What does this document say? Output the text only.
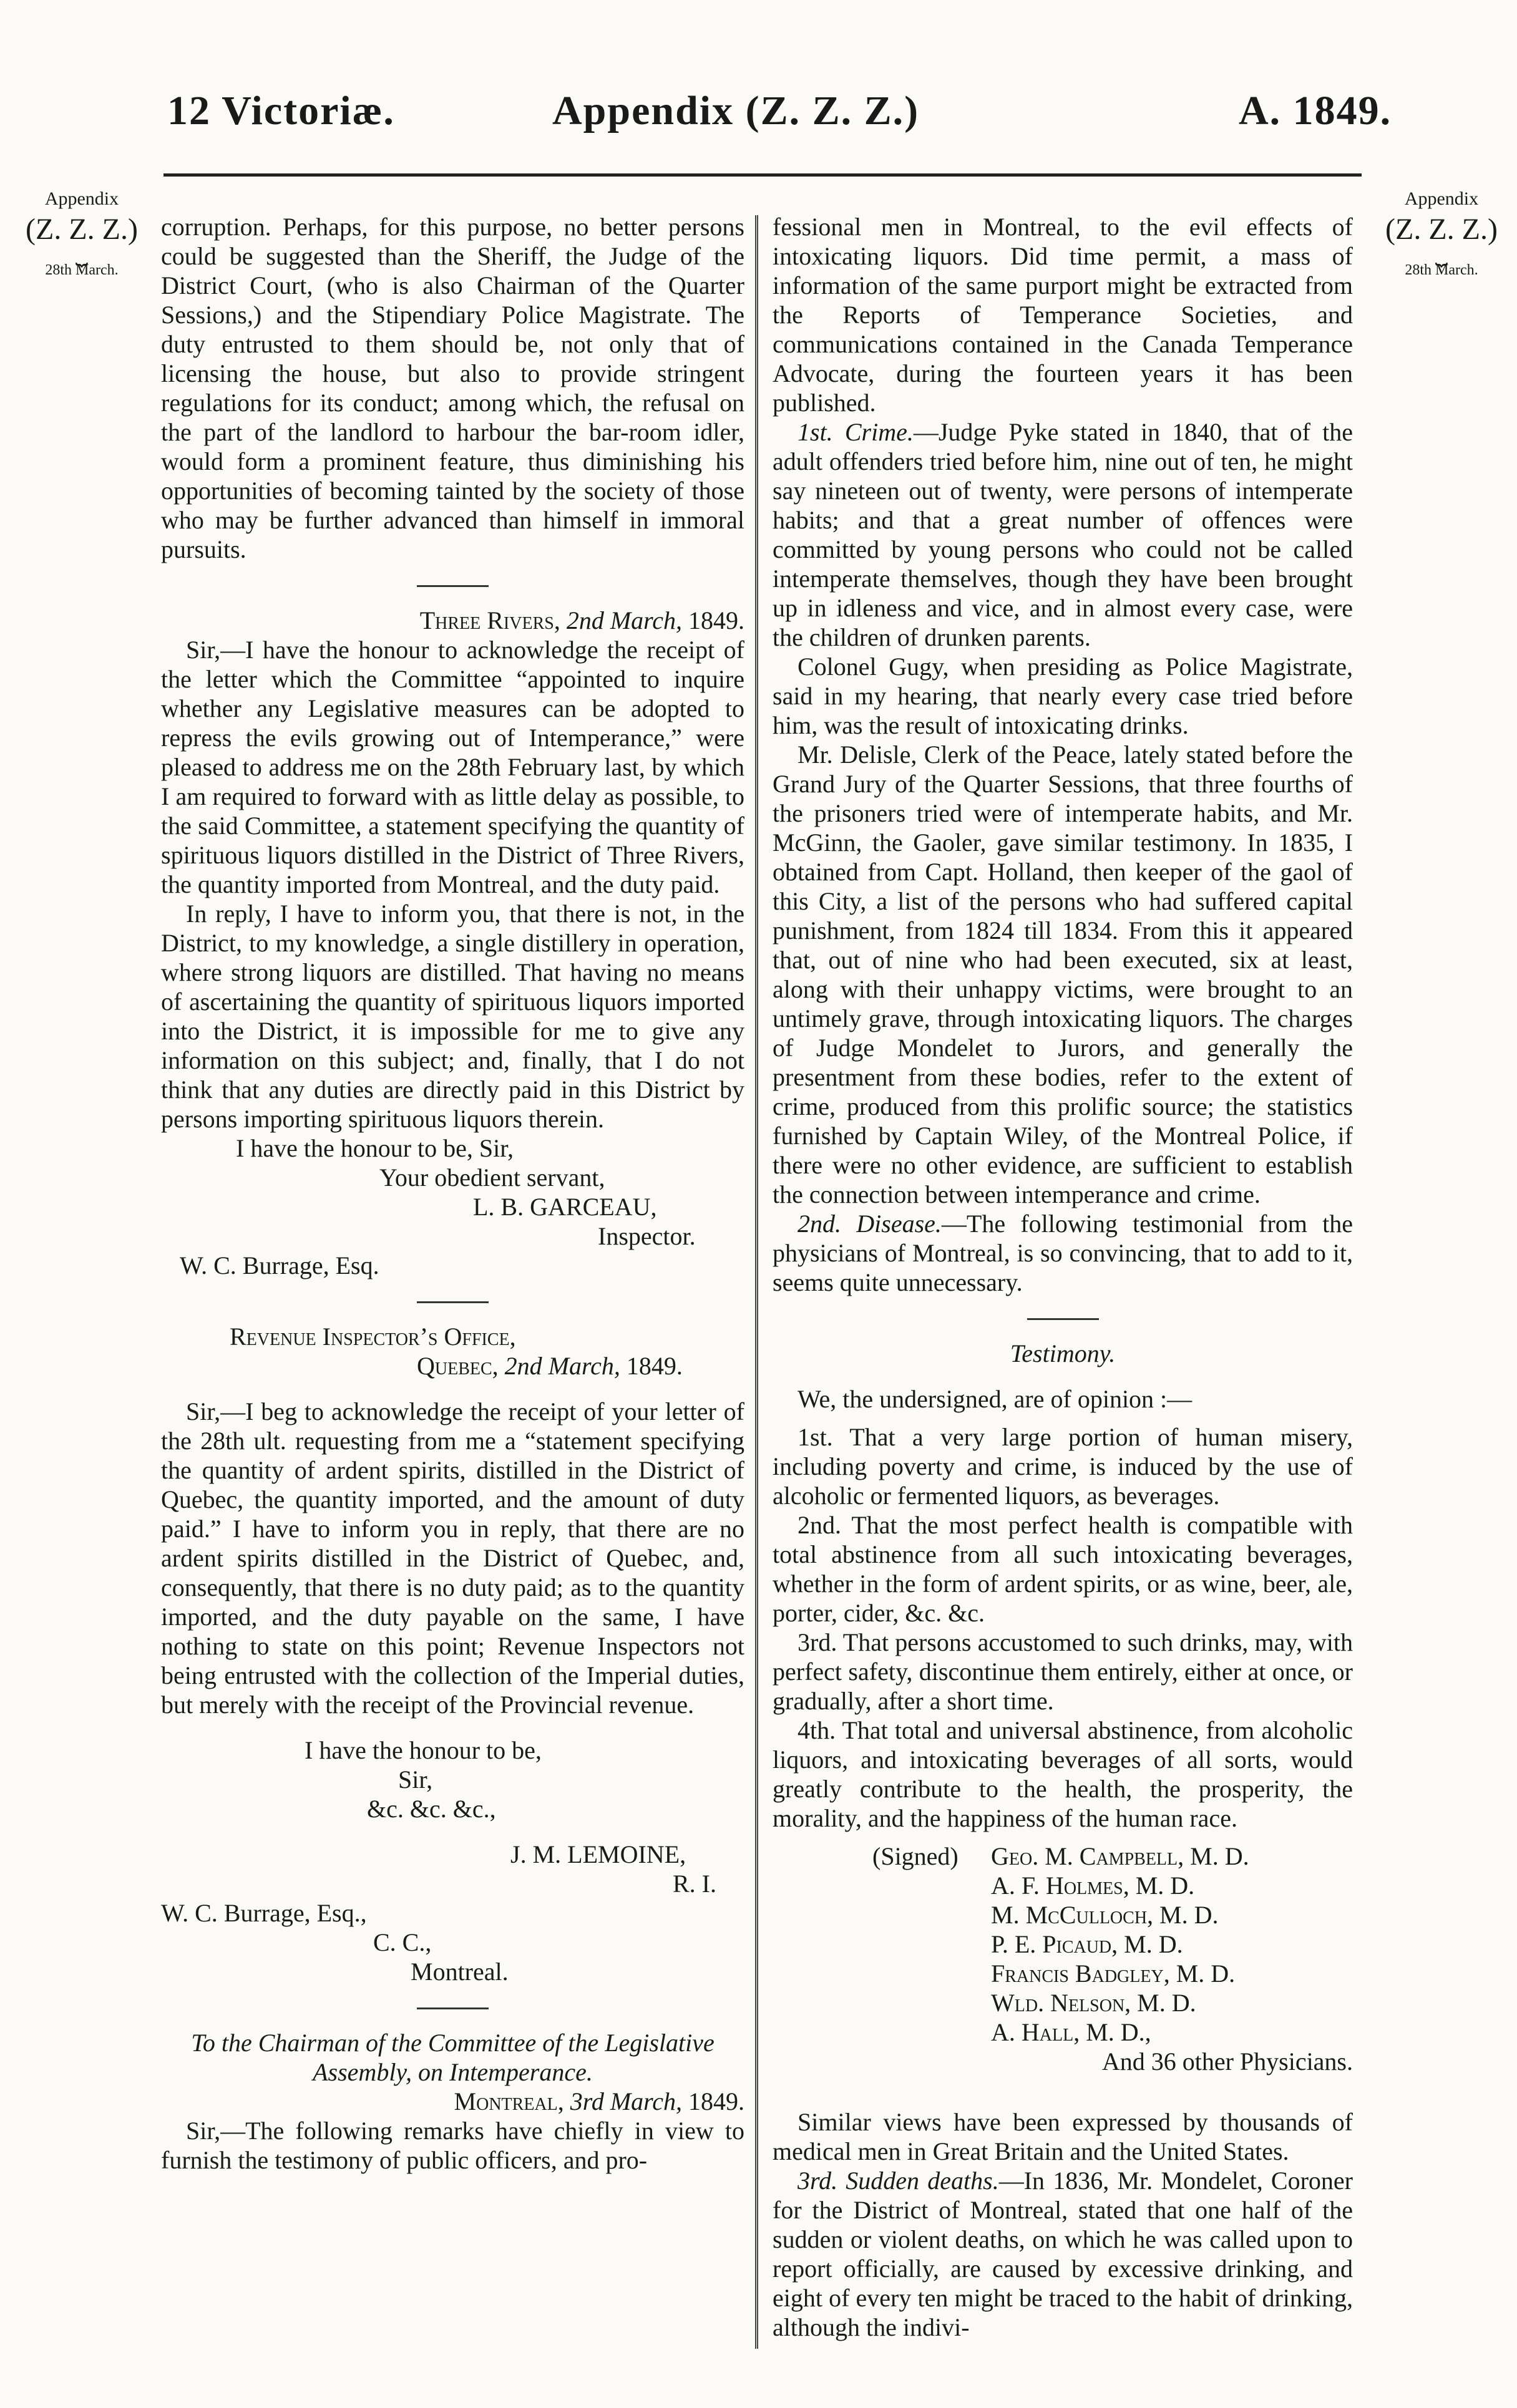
12 Victoriæ.	Appendix (Z. Z. Z.)	A. 1849.
Appendix
(Z. Z. Z.)
⏟
28th March.
Appendix
(Z. Z. Z.)
⏟
28th March.

corruption. Perhaps, for this purpose, no better persons could be suggested than the Sheriff, the Judge of the District Court, (who is also Chairman of the Quarter Sessions,) and the Stipendiary Police Magistrate. The duty entrusted to them should be, not only that of licensing the house, but also to provide stringent regulations for its conduct; among which, the refusal on the part of the landlord to harbour the bar-room idler, would form a prominent feature, thus diminishing his opportunities of becoming tainted by the society of those who may be further advanced than himself in immoral pursuits.

Three Rivers, 2nd March, 1849.

Sir,—I have the honour to acknowledge the receipt of the letter which the Committee “appointed to inquire whether any Legislative measures can be adopted to repress the evils growing out of Intemperance,” were pleased to address me on the 28th February last, by which I am required to forward with as little delay as possible, to the said Committee, a statement specifying the quantity of spirituous liquors distilled in the District of Three Rivers, the quantity imported from Montreal, and the duty paid.

In reply, I have to inform you, that there is not, in the District, to my knowledge, a single distillery in operation, where strong liquors are distilled. That having no means of ascertaining the quantity of spirituous liquors imported into the District, it is impossible for me to give any information on this subject; and, finally, that I do not think that any duties are directly paid in this District by persons importing spirituous liquors therein.

I have the honour to be, Sir,

Your obedient servant,

L. B. GARCEAU,

Inspector.

W. C. Burrage, Esq.

Revenue Inspector’s Office,

Quebec, 2nd March, 1849.

Sir,—I beg to acknowledge the receipt of your letter of the 28th ult. requesting from me a “statement specifying the quantity of ardent spirits, distilled in the District of Quebec, the quantity imported, and the amount of duty paid.” I have to inform you in reply, that there are no ardent spirits distilled in the District of Quebec, and, consequently, that there is no duty paid; as to the quantity imported, and the duty payable on the same, I have nothing to state on this point; Revenue Inspectors not being entrusted with the collection of the Imperial duties, but merely with the receipt of the Provincial revenue.

I have the honour to be,

Sir,

&c. &c. &c.,

J. M. LEMOINE,

R. I.

W. C. Burrage, Esq.,

C. C.,

Montreal.

To the Chairman of the Committee of the Legislative Assembly, on Intemperance.

Montreal, 3rd March, 1849.

Sir,—The following remarks have chiefly in view to furnish the testimony of public officers, and pro-

fessional men in Montreal, to the evil effects of intoxicating liquors. Did time permit, a mass of information of the same purport might be extracted from the Reports of Temperance Societies, and communications contained in the Canada Temperance Advocate, during the fourteen years it has been published.

1st. Crime.—Judge Pyke stated in 1840, that of the adult offenders tried before him, nine out of ten, he might say nineteen out of twenty, were persons of intemperate habits; and that a great number of offences were committed by young persons who could not be called intemperate themselves, though they have been brought up in idleness and vice, and in almost every case, were the children of drunken parents.

Colonel Gugy, when presiding as Police Magistrate, said in my hearing, that nearly every case tried before him, was the result of intoxicating drinks.

Mr. Delisle, Clerk of the Peace, lately stated before the Grand Jury of the Quarter Sessions, that three fourths of the prisoners tried were of intemperate habits, and Mr. McGinn, the Gaoler, gave similar testimony. In 1835, I obtained from Capt. Holland, then keeper of the gaol of this City, a list of the persons who had suffered capital punishment, from 1824 till 1834. From this it appeared that, out of nine who had been executed, six at least, along with their unhappy victims, were brought to an untimely grave, through intoxicating liquors. The charges of Judge Mondelet to Jurors, and generally the presentment from these bodies, refer to the extent of crime, produced from this prolific source; the statistics furnished by Captain Wiley, of the Montreal Police, if there were no other evidence, are sufficient to establish the connection between intemperance and crime.

2nd. Disease.—The following testimonial from the physicians of Montreal, is so convincing, that to add to it, seems quite unnecessary.

Testimony.

We, the undersigned, are of opinion :—

1st. That a very large portion of human misery, including poverty and crime, is induced by the use of alcoholic or fermented liquors, as beverages.

2nd. That the most perfect health is compatible with total abstinence from all such intoxicating beverages, whether in the form of ardent spirits, or as wine, beer, ale, porter, cider, &c. &c.

3rd. That persons accustomed to such drinks, may, with perfect safety, discontinue them entirely, either at once, or gradually, after a short time.

4th. That total and universal abstinence, from alcoholic liquors, and intoxicating beverages of all sorts, would greatly contribute to the health, the prosperity, the morality, and the happiness of the human race.

(Signed) Geo. M. Campbell, M. D.
A. F. Holmes, M. D.
M. McCulloch, M. D.
P. E. Picaud, M. D.
Francis Badgley, M. D.
Wld. Nelson, M. D.
A. Hall, M. D.,

And 36 other Physicians.

Similar views have been expressed by thousands of medical men in Great Britain and the United States.

3rd. Sudden deaths.—In 1836, Mr. Mondelet, Coroner for the District of Montreal, stated that one half of the sudden or violent deaths, on which he was called upon to report officially, are caused by excessive drinking, and eight of every ten might be traced to the habit of drinking, although the indivi-
